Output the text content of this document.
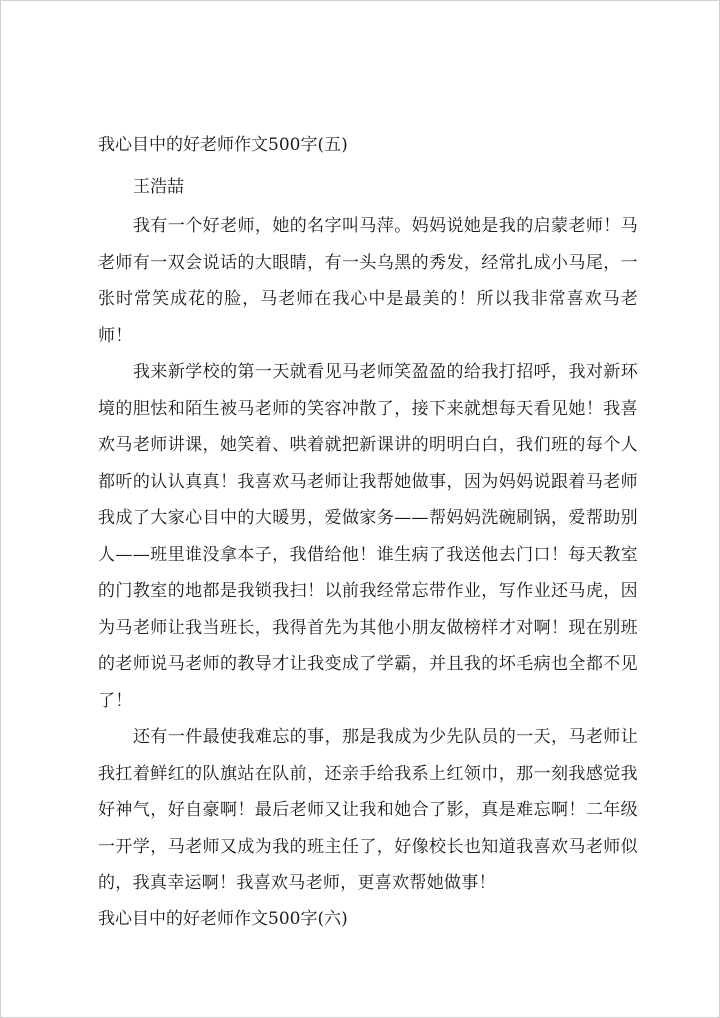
我心目中的好老师作文500字(五)

王浩喆

我有一个好老师，她的名字叫马萍。妈妈说她是我的启蒙老师！马老师有一双会说话的大眼睛，有一头乌黑的秀发，经常扎成小马尾，一张时常笑成花的脸，马老师在我心中是最美的！所以我非常喜欢马老师！

我来新学校的第一天就看见马老师笑盈盈的给我打招呼，我对新环境的胆怯和陌生被马老师的笑容冲散了，接下来就想每天看见她！我喜欢马老师讲课，她笑着、哄着就把新课讲的明明白白，我们班的每个人都听的认认真真！我喜欢马老师让我帮她做事，因为妈妈说跟着马老师我成了大家心目中的大暖男，爱做家务——帮妈妈洗碗刷锅，爱帮助别人——班里谁没拿本子，我借给他！谁生病了我送他去门口！每天教室的门教室的地都是我锁我扫！以前我经常忘带作业，写作业还马虎，因为马老师让我当班长，我得首先为其他小朋友做榜样才对啊！现在别班的老师说马老师的教导才让我变成了学霸，并且我的坏毛病也全都不见了！

还有一件最使我难忘的事，那是我成为少先队员的一天，马老师让我扛着鲜红的队旗站在队前，还亲手给我系上红领巾，那一刻我感觉我好神气，好自豪啊！最后老师又让我和她合了影，真是难忘啊！二年级一开学，马老师又成为我的班主任了，好像校长也知道我喜欢马老师似的，我真幸运啊！我喜欢马老师，更喜欢帮她做事！

我心目中的好老师作文500字(六)
